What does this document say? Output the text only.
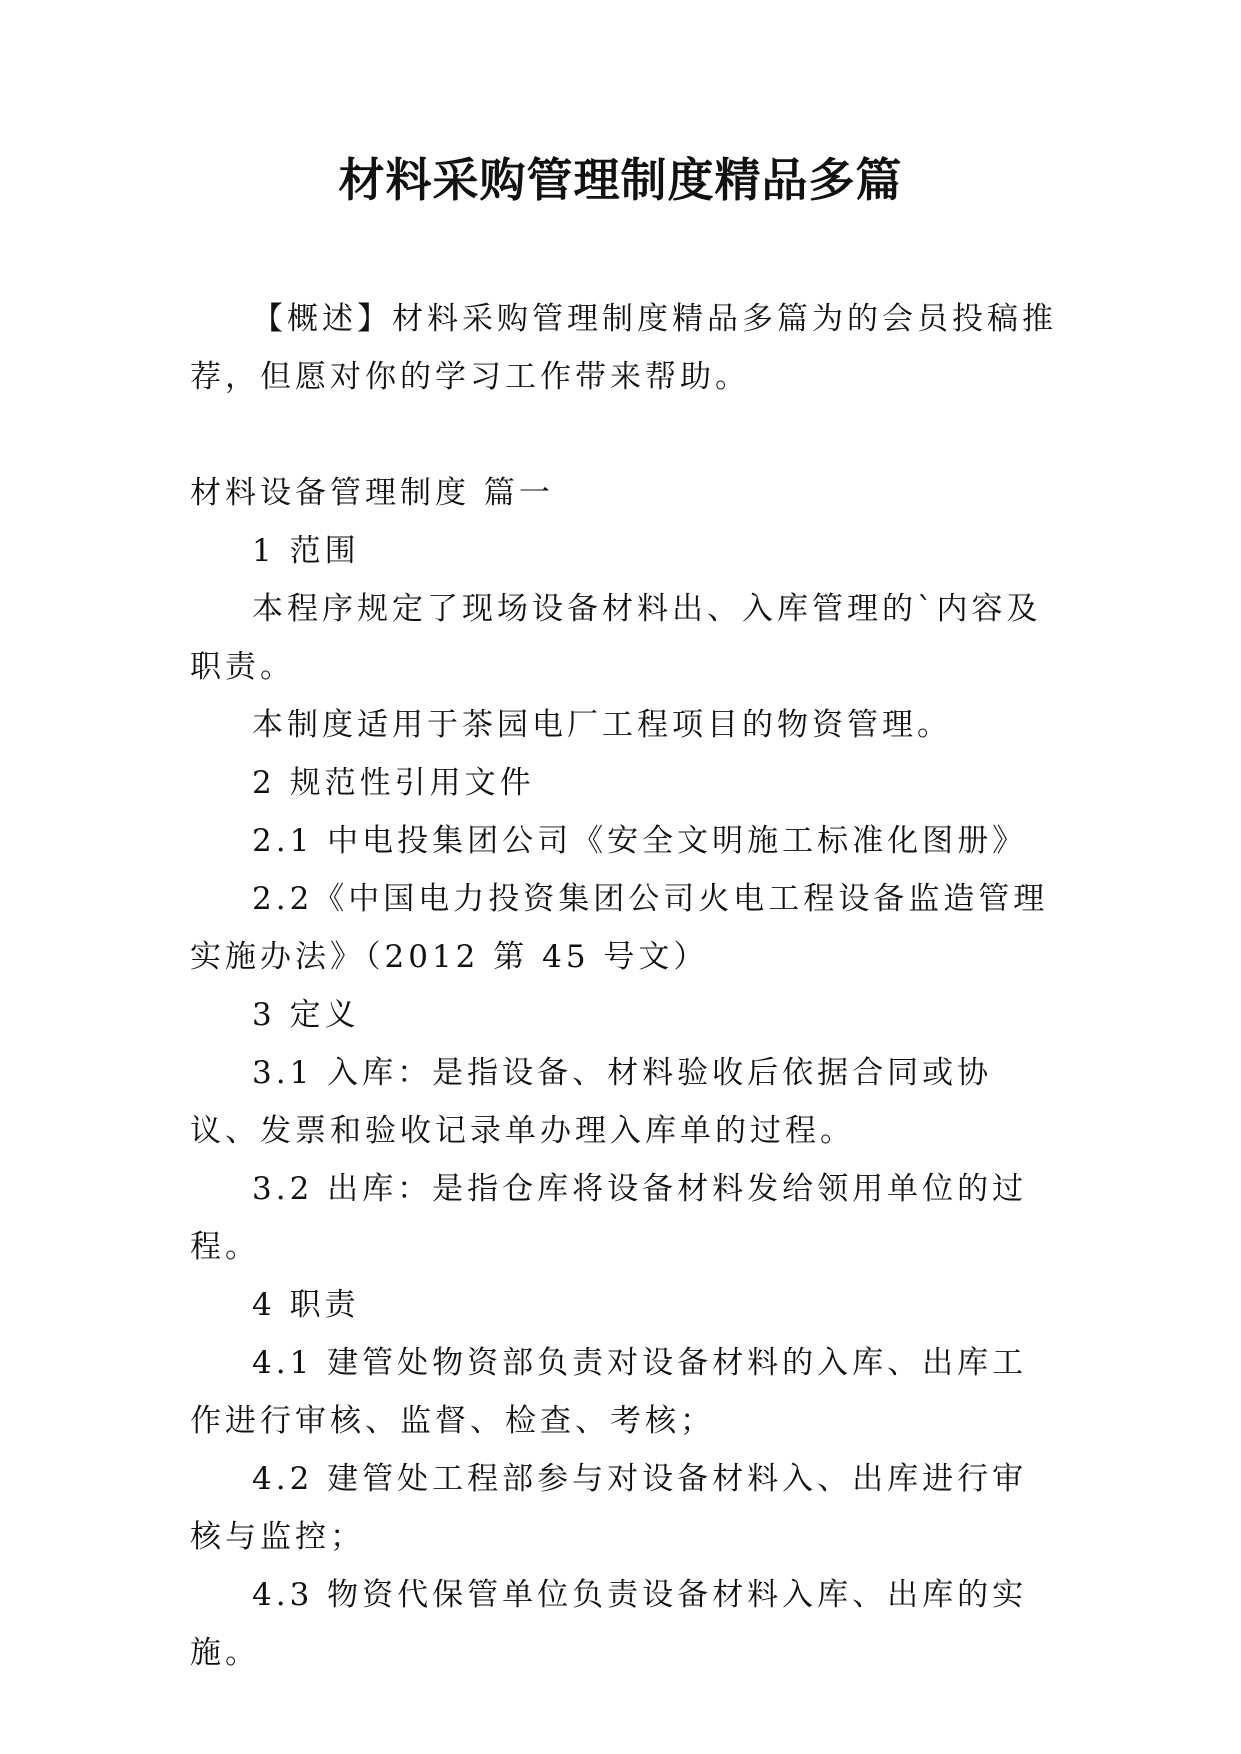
材料采购管理制度精品多篇

【概述】材料采购管理制度精品多篇为的会员投稿推荐，但愿对你的学习工作带来帮助。

材料设备管理制度 篇一

1 范围

本程序规定了现场设备材料出、入库管理的`内容及职责。

本制度适用于茶园电厂工程项目的物资管理。

2 规范性引用文件

2.1 中电投集团公司《安全文明施工标准化图册》

2.2《中国电力投资集团公司火电工程设备监造管理实施办法》（2012 第 45 号文）

3 定义

3.1 入库：是指设备、材料验收后依据合同或协议、发票和验收记录单办理入库单的过程。

3.2 出库：是指仓库将设备材料发给领用单位的过程。

4 职责

4.1 建管处物资部负责对设备材料的入库、出库工作进行审核、监督、检查、考核；

4.2 建管处工程部参与对设备材料入、出库进行审核与监控；

4.3 物资代保管单位负责设备材料入库、出库的实施。
